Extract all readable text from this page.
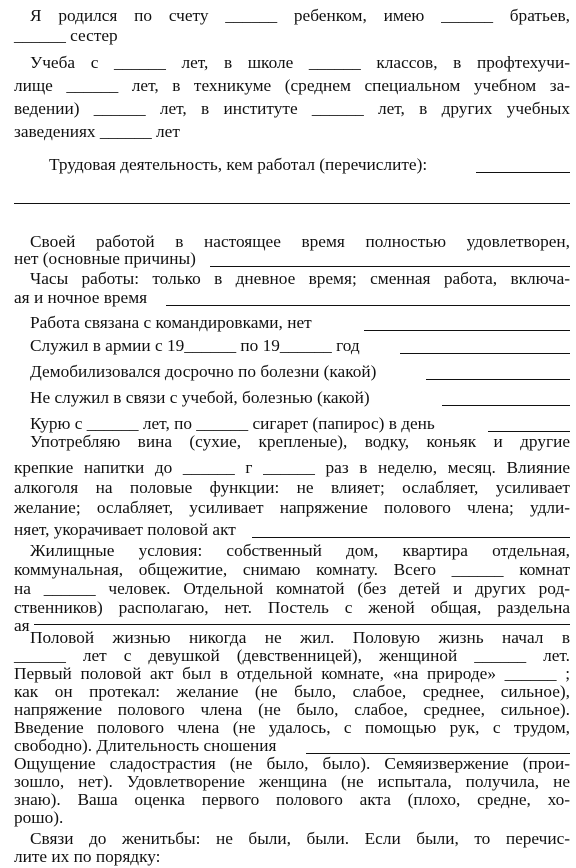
Я родился по счету ______ ребенком, имею ______ братьев,
______ сестер
Учеба с ______ лет, в школе ______ классов, в профтехучи-
лище ______ лет, в техникуме (среднем специальном учебном за-
ведении) ______ лет, в институте ______ лет, в других учебных
заведениях ______ лет
Трудовая деятельность, кем работал (перечислите):
Своей работой в настоящее время полностью удовлетворен,
нет (основные причины)
Часы работы: только в дневное время; сменная работа, включа-
ая и ночное время
Работа связана с командировками, нет
Служил в армии с 19______ по 19______ год
Демобилизовался досрочно по болезни (какой)
Не служил в связи с учебой, болезнью (какой)
Курю с ______ лет, по ______ сигарет (папирос) в день
Употребляю вина (сухие, крепленые), водку, коньяк и другие
крепкие напитки до ______ г ______ раз в неделю, месяц. Влияние
алкоголя на половые функции: не влияет; ослабляет, усиливает
желание; ослабляет, усиливает напряжение полового члена; удли-
няет, укорачивает половой акт
Жилищные условия: собственный дом, квартира отдельная,
коммунальная, общежитие, снимаю комнату. Всего ______ комнат
на ______ человек. Отдельной комнатой (без детей и других род-
ственников) располагаю, нет. Постель с женой общая, раздельна
ая
Половой жизнью никогда не жил. Половую жизнь начал в
______ лет с девушкой (девственницей), женщиной ______ лет.
Первый половой акт был в отдельной комнате, «на природе» ______ ;
как он протекал: желание (не было, слабое, среднее, сильное),
напряжение полового члена (не было, слабое, среднее, сильное).
Введение полового члена (не удалось, с помощью рук, с трудом,
свободно). Длительность сношения
Ощущение сладострастия (не было, было). Семяизвержение (прои-
зошло, нет). Удовлетворение женщина (не испытала, получила, не
знаю). Ваша оценка первого полового акта (плохо, средне, хо-
рошо).
Связи до женитьбы: не были, были. Если были, то перечис-
лите их по порядку:
